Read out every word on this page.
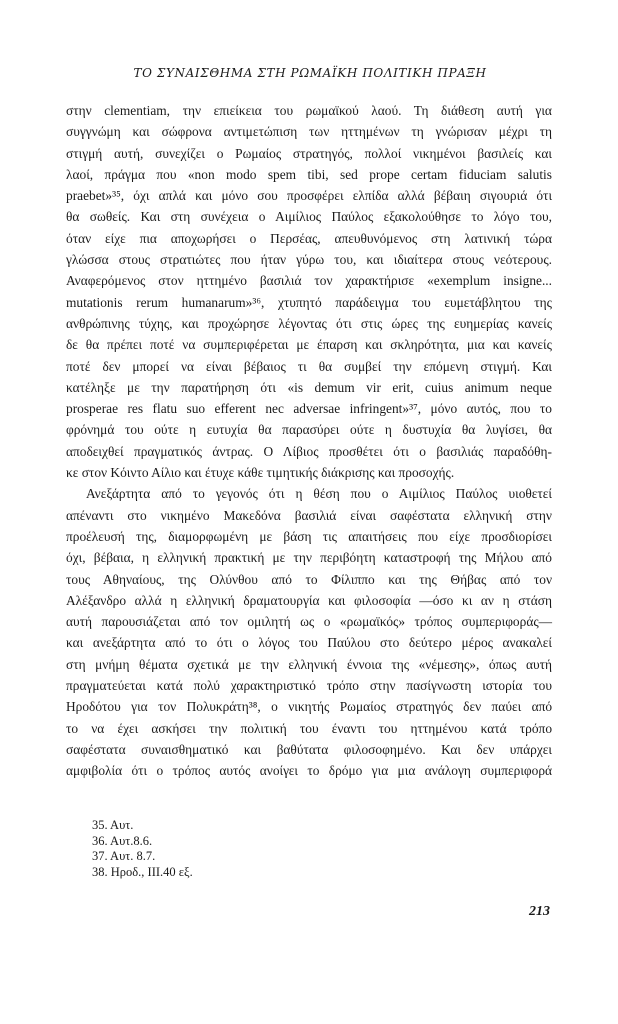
ΤΟ ΣΥΝΑΙΣΘΗΜΑ ΣΤΗ ΡΩΜΑΪΚΗ ΠΟΛΙΤΙΚΗ ΠΡΑΞΗ

στην clementiam, την επιείκεια του ρωμαϊκού λαού. Τη διάθεση αυτή για
συγγνώμη και σώφρονα αντιμετώπιση των ηττημένων τη γνώρισαν μέχρι τη
στιγμή αυτή, συνεχίζει ο Ρωμαίος στρατηγός, πολλοί νικημένοι βασιλείς και
λαοί, πράγμα που «non modo spem tibi, sed prope certam fiduciam salutis
praebet»³⁵, όχι απλά και μόνο σου προσφέρει ελπίδα αλλά βέβαιη σιγουριά ότι
θα σωθείς. Και στη συνέχεια ο Αιμίλιος Παύλος εξακολούθησε το λόγο του,
όταν είχε πια αποχωρήσει ο Περσέας, απευθυνόμενος στη λατινική τώρα
γλώσσα στους στρατιώτες που ήταν γύρω του, και ιδιαίτερα στους νεότερους.
Αναφερόμενος στον ηττημένο βασιλιά τον χαρακτήρισε «exemplum insigne...
mutationis rerum humanarum»³⁶, χτυπητό παράδειγμα του ευμετάβλητου της
ανθρώπινης τύχης, και προχώρησε λέγοντας ότι στις ώρες της ευημερίας κανείς
δε θα πρέπει ποτέ να συμπεριφέρεται με έπαρση και σκληρότητα, μια και κανείς
ποτέ δεν μπορεί να είναι βέβαιος τι θα συμβεί την επόμενη στιγμή. Και
κατέληξε με την παρατήρηση ότι «is demum vir erit, cuius animum neque
prosperae res flatu suo efferent nec adversae infringent»³⁷, μόνο αυτός, που το
φρόνημά του ούτε η ευτυχία θα παρασύρει ούτε η δυστυχία θα λυγίσει, θα
αποδειχθεί πραγματικός άντρας. Ο Λίβιος προσθέτει ότι ο βασιλιάς παραδόθη-
κε στον Κόιντο Αίλιο και έτυχε κάθε τιμητικής διάκρισης και προσοχής.

Ανεξάρτητα από το γεγονός ότι η θέση που ο Αιμίλιος Παύλος υιοθετεί
απέναντι στο νικημένο Μακεδόνα βασιλιά είναι σαφέστατα ελληνική στην
προέλευσή της, διαμορφωμένη με βάση τις απαιτήσεις που είχε προσδιορίσει
όχι, βέβαια, η ελληνική πρακτική με την περιβόητη καταστροφή της Μήλου από
τους Αθηναίους, της Ολύνθου από το Φίλιππο και της Θήβας από τον
Αλέξανδρο αλλά η ελληνική δραματουργία και φιλοσοφία —όσο κι αν η στάση
αυτή παρουσιάζεται από τον ομιλητή ως ο «ρωμαϊκός» τρόπος συμπεριφοράς—
και ανεξάρτητα από το ότι ο λόγος του Παύλου στο δεύτερο μέρος ανακαλεί
στη μνήμη θέματα σχετικά με την ελληνική έννοια της «νέμεσης», όπως αυτή
πραγματεύεται κατά πολύ χαρακτηριστικό τρόπο στην πασίγνωστη ιστορία του
Ηροδότου για τον Πολυκράτη³⁸, ο νικητής Ρωμαίος στρατηγός δεν παύει από
το να έχει ασκήσει την πολιτική του έναντι του ηττημένου κατά τρόπο
σαφέστατα συναισθηματικό και βαθύτατα φιλοσοφημένο. Και δεν υπάρχει
αμφιβολία ότι ο τρόπος αυτός ανοίγει το δρόμο για μια ανάλογη συμπεριφορά

35. Αυτ.
36. Αυτ.8.6.
37. Αυτ. 8.7.
38. Ηροδ., ΙΙΙ.40 εξ.
213
